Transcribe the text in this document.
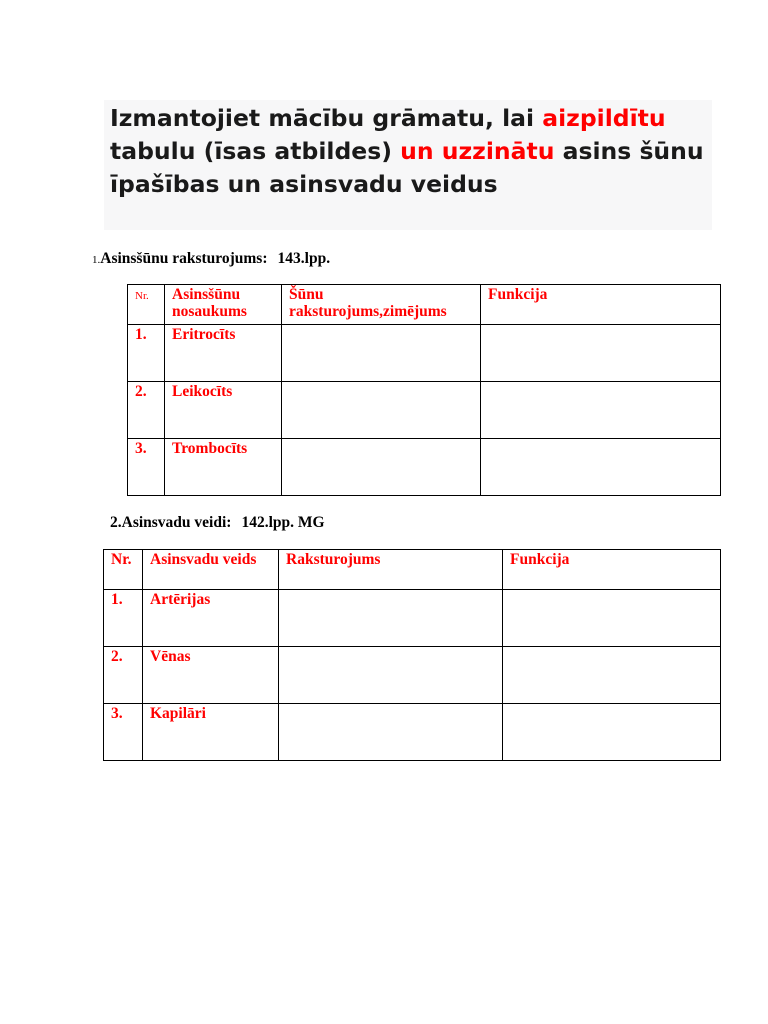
Izmantojiet mācību grāmatu, lai aizpildītu tabulu (īsas atbildes) un uzzinātu asins šūnu īpašības un asinsvadu veidus
1.Asinsšūnu raksturojums: 143.lpp.
Nr.	Asinsšūnu nosaukums	Šūnu raksturojums,zimējums	Funkcija
1.	Eritrocīts		
2.	Leikocīts		
3.	Trombocīts		
2.Asinsvadu veidi: 142.lpp. MG
Nr.	Asinsvadu veids	Raksturojums	Funkcija
1.	Artērijas		
2.	Vēnas		
3.	Kapilāri		
